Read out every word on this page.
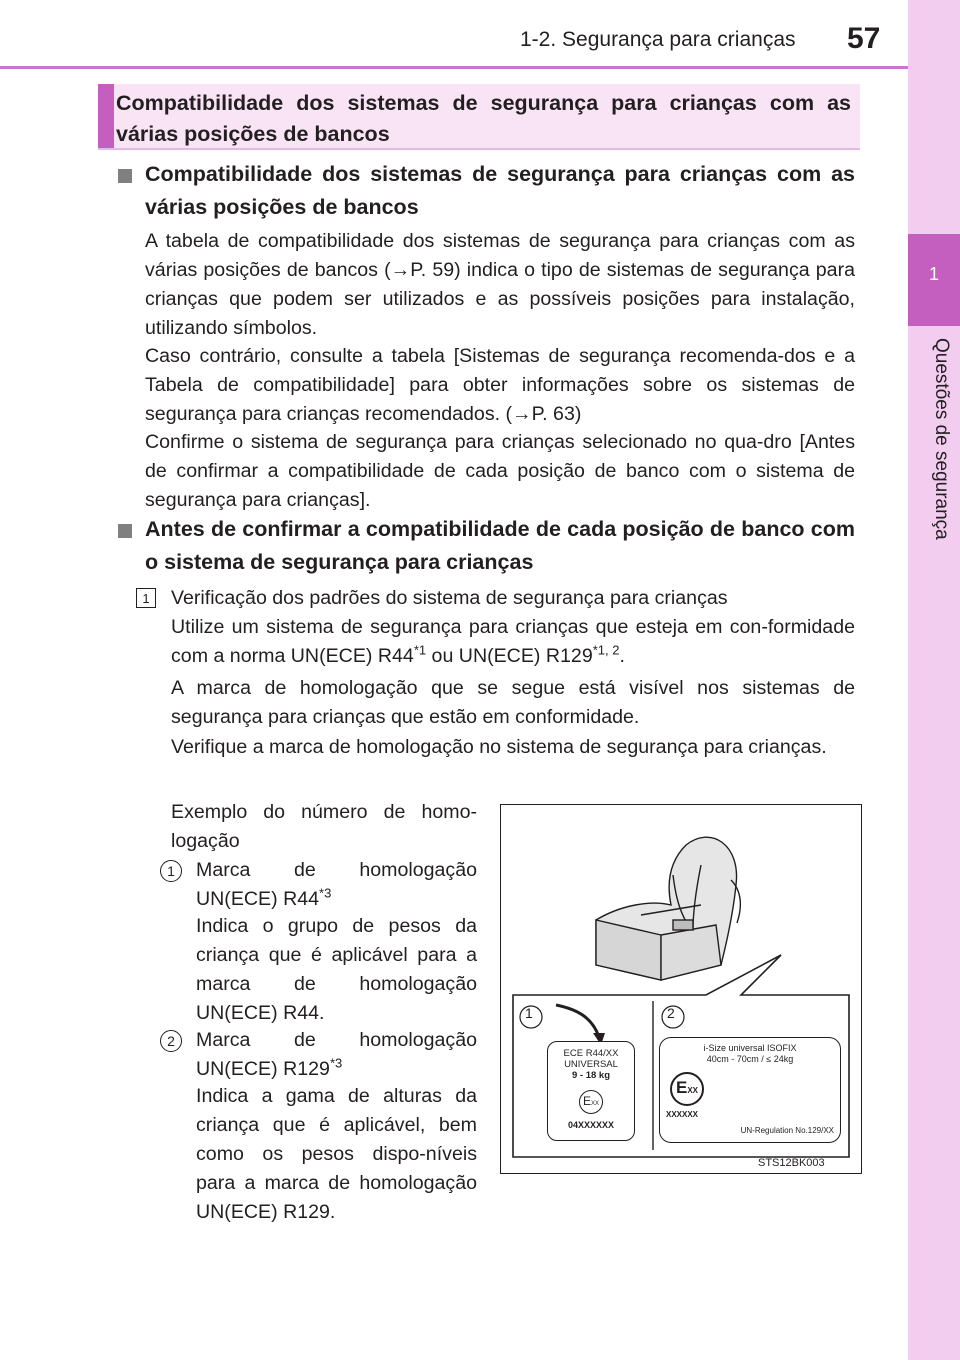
1-2. Segurança para crianças 57
1
Questões de segurança
Compatibilidade dos sistemas de segurança para crianças com as várias posições de bancos
Compatibilidade dos sistemas de segurança para crianças com as várias posições de bancos
A tabela de compatibilidade dos sistemas de segurança para crianças com as várias posições de bancos (→P. 59) indica o tipo de sistemas de segurança para crianças que podem ser utilizados e as possíveis posições para instalação, utilizando símbolos.
Caso contrário, consulte a tabela [Sistemas de segurança recomenda-dos e a Tabela de compatibilidade] para obter informações sobre os sistemas de segurança para crianças recomendados. (→P. 63)
Confirme o sistema de segurança para crianças selecionado no qua-dro [Antes de confirmar a compatibilidade de cada posição de banco com o sistema de segurança para crianças].
Antes de confirmar a compatibilidade de cada posição de banco com o sistema de segurança para crianças
1	Verificação dos padrões do sistema de segurança para crianças
Utilize um sistema de segurança para crianças que esteja em con-formidade com a norma UN(ECE) R44$^{*1}$ ou UN(ECE) R129$^{*1, 2}$.
A marca de homologação que se segue está visível nos sistemas de segurança para crianças que estão em conformidade.
Verifique a marca de homologação no sistema de segurança para crianças.
Exemplo do número de homo-logação
1	Marca de homologação UN(ECE) R44$^{*3}$
Indica o grupo de pesos da criança que é aplicável para a marca de homologação UN(ECE) R44.
2	Marca de homologação UN(ECE) R129$^{*3}$
Indica a gama de alturas da criança que é aplicável, bem como os pesos dispo-níveis para a marca de homologação UN(ECE) R129.
1	2
ECE R44/XX
UNIVERSAL
9 - 18 kg
EXX
04XXXXXX
i-Size universal ISOFIX
40cm - 70cm / ≤ 24kg
EXX
XXXXXX
UN-Regulation No.129/XX
STS12BK003
